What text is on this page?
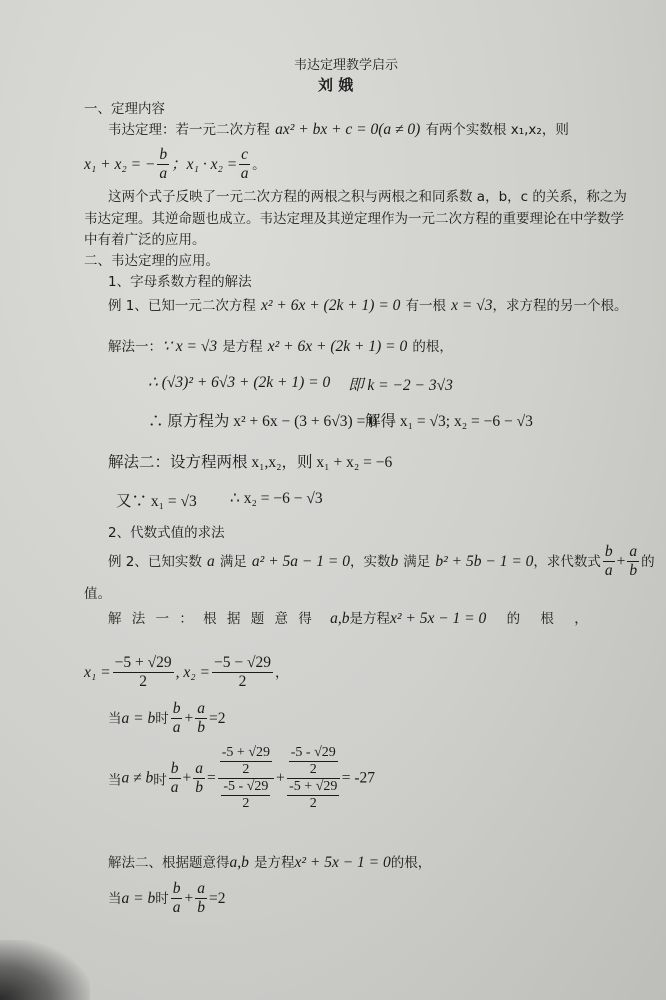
韦达定理教学启示
刘 娥
一、定理内容
韦达定理：若一元二次方程 ax² + bx + c = 0(a ≠ 0) 有两个实数根 x₁,x₂，则
x₁ + x₂ = − $\frac{b}{a}$ ；$x_1 \cdot x_2 = \frac{c}{a}$ 。
这两个式子反映了一元二次方程的两根之积与两根之和同系数 a，b，c 的关系，称之为
韦达定理。其逆命题也成立。韦达定理及其逆定理作为一元二次方程的重要理论在中学数学
中有着广泛的应用。
二、韦达定理的应用。
1、字母系数方程的解法
例 1、已知一元二次方程 x² + 6x + (2k + 1) = 0 有一根 x = √3，求方程的另一个根。
解法一：∵ x = √3 是方程 x² + 6x + (2k + 1) = 0 的根，
∴ (√3)² + 6√3 + (2k + 1) = 0 即 k = −2 − 3√3
∴ 原方程为 x² + 6x − (3 + 6√3) = 0
解得 x₁ = √3; x₂ = −6 − √3
解法二：设方程两根 x₁,x₂，则 x₁ + x₂ = −6
又∵ x₁ = √3 ∴ x₂ = −6 − √3
2、代数式值的求法
例 2、已知实数 a 满足 a² + 5a − 1 = 0，实数b 满足 b² + 5b − 1 = 0，求代数式 $\frac{b}{a} + \frac{a}{b}$ 的
值。
解 法 一 ： 根 据 题 意 得 a,b是方程x² + 5x − 1 = 0 的 根 ，
$x_1 = \frac{-5 + √29}{2}$ , $x_2 = \frac{-5 - √29}{2}$ ，
当a = b时 $\frac{b}{a} + \frac{a}{b} =2$
当a ≠ b时 $\frac{b}{a} + \frac{a}{b} = \frac{\frac{-5 + √29}{2}}{\frac{-5 - √29}{2}} + \frac{\frac{-5 - √29}{2}}{\frac{-5 + √29}{2}} = -27$
解法二、根据题意得a,b 是方程x² + 5x − 1 = 0的根，
当a = b时 $\frac{b}{a} + \frac{a}{b} =2$
